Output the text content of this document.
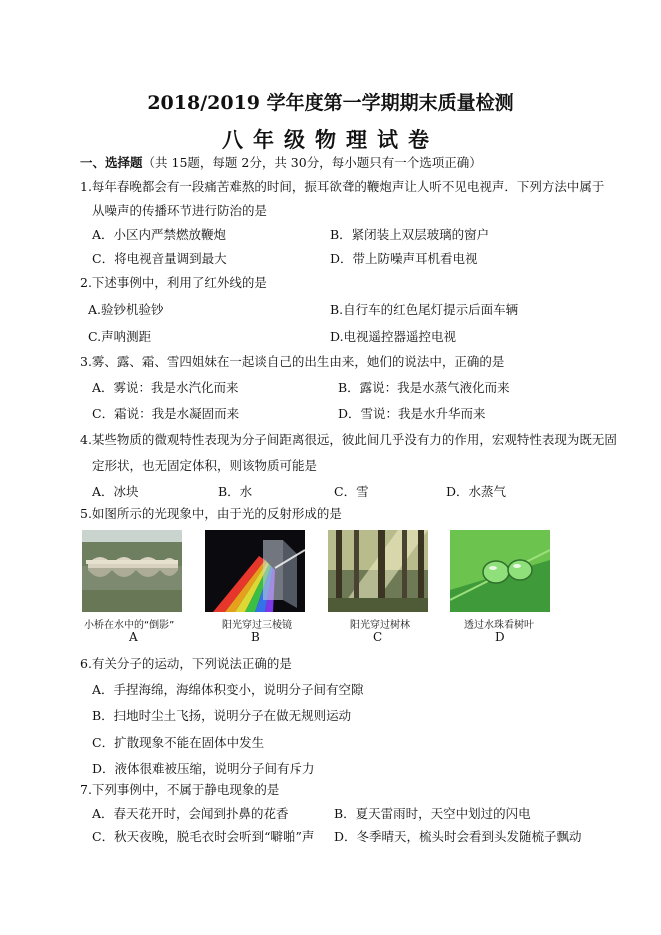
2018/2019 学年度第一学期期末质量检测
八年级物理试卷
一、选择题（共 15题，每题 2分，共 30分，每小题只有一个选项正确）
1.每年春晚都会有一段痛苦难熬的时间，振耳欲聋的鞭炮声让人听不见电视声．下列方法中属于
从噪声的传播环节进行防治的是
A．小区内严禁燃放鞭炮	B．紧闭装上双层玻璃的窗户
C．将电视音量调到最大	D．带上防噪声耳机看电视
2.下述事例中，利用了红外线的是
A.验钞机验钞	B.自行车的红色尾灯提示后面车辆
C.声呐测距	D.电视遥控器遥控电视
3.雾、露、霜、雪四姐妹在一起谈自己的出生由来，她们的说法中，正确的是
A．雾说：我是水汽化而来	B．露说：我是水蒸气液化而来
C．霜说：我是水凝固而来	D．雪说：我是水升华而来
4.某些物质的微观特性表现为分子间距离很远，彼此间几乎没有力的作用，宏观特性表现为既无固
定形状，也无固定体积，则该物质可能是
A．冰块	B．水	C．雪	D．水蒸气
5.如图所示的光现象中，由于光的反射形成的是
小桥在水中的“倒影”	阳光穿过三棱镜	阳光穿过树林	透过水珠看树叶
A	B	C	D
6.有关分子的运动，下列说法正确的是
A．手捏海绵，海绵体积变小，说明分子间有空隙
B．扫地时尘土飞扬，说明分子在做无规则运动
C．扩散现象不能在固体中发生
D．液体很难被压缩，说明分子间有斥力
7.下列事例中，不属于静电现象的是
A．春天花开时，会闻到扑鼻的花香	B．夏天雷雨时，天空中划过的闪电
C．秋天夜晚，脱毛衣时会听到“噼啪”声 D．冬季晴天，梳头时会看到头发随梳子飘动
